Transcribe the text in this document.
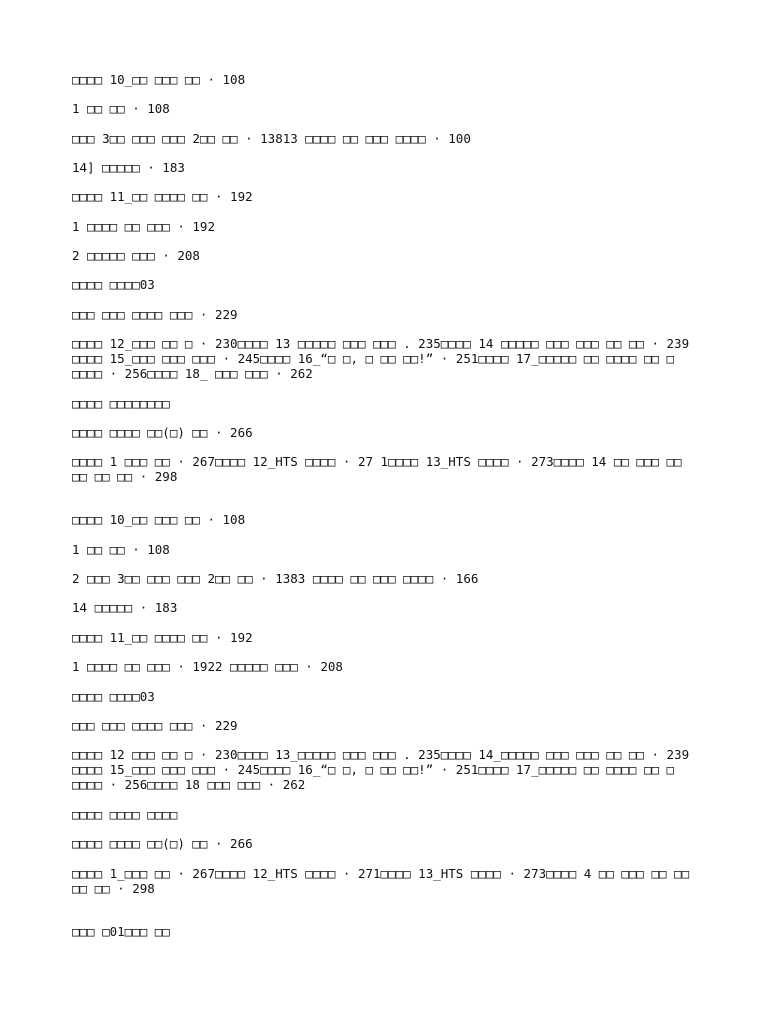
□□□□ 10_□□ □□□ □□ · 108
1 □□ □□ · 108
□□□ 3□□ □□□ □□□ 2□□ □□ · 13813 □□□□ □□ □□□ □□□□ · 100
14] □□□□□ · 183
□□□□ 11_□□ □□□□ □□ · 192
1 □□□□ □□ □□□ · 192
2 □□□□□ □□□ · 208
□□□□ □□□□03
□□□ □□□ □□□□ □□□ · 229
□□□□ 12_□□□ □□ □ · 230□□□□ 13 □□□□□ □□□ □□□ . 235□□□□ 14 □□□□□ □□□ □□□ □□ □□ · 239 □□□□ 15_□□□ □□□ □□□ · 245□□□□ 16_“□ □, □ □□ □□!” · 251□□□□ 17_□□□□□ □□ □□□□ □□ □ □□□□ · 256□□□□ 18_ □□□ □□□ · 262
□□□□ □□□□□□□□
□□□□ □□□□ □□(□) □□ · 266
□□□□ 1 □□□ □□ · 267□□□□ 12_HTS □□□□ · 27 1□□□□ 13_HTS □□□□ · 273□□□□ 14 □□ □□□ □□ □□ □□ □□ · 298
□□□□ 10_□□ □□□ □□ · 108
1 □□ □□ · 108
2 □□□ 3□□ □□□ □□□ 2□□ □□ · 1383 □□□□ □□ □□□ □□□□ · 166
14 □□□□□ · 183
□□□□ 11_□□ □□□□ □□ · 192
1 □□□□ □□ □□□ · 1922 □□□□□ □□□ · 208
□□□□ □□□□03
□□□ □□□ □□□□ □□□ · 229
□□□□ 12 □□□ □□ □ · 230□□□□ 13_□□□□□ □□□ □□□ . 235□□□□ 14_□□□□□ □□□ □□□ □□ □□ · 239 □□□□ 15_□□□ □□□ □□□ · 245□□□□ 16_“□ □, □ □□ □□!” · 251□□□□ 17_□□□□□ □□ □□□□ □□ □ □□□□ · 256□□□□ 18 □□□ □□□ · 262
□□□□ □□□□ □□□□
□□□□ □□□□ □□(□) □□ · 266
□□□□ 1_□□□ □□ · 267□□□□ 12_HTS □□□□ · 271□□□□ 13_HTS □□□□ · 273□□□□ 4 □□ □□□ □□ □□ □□ □□ · 298
□□□ □01□□□ □□
